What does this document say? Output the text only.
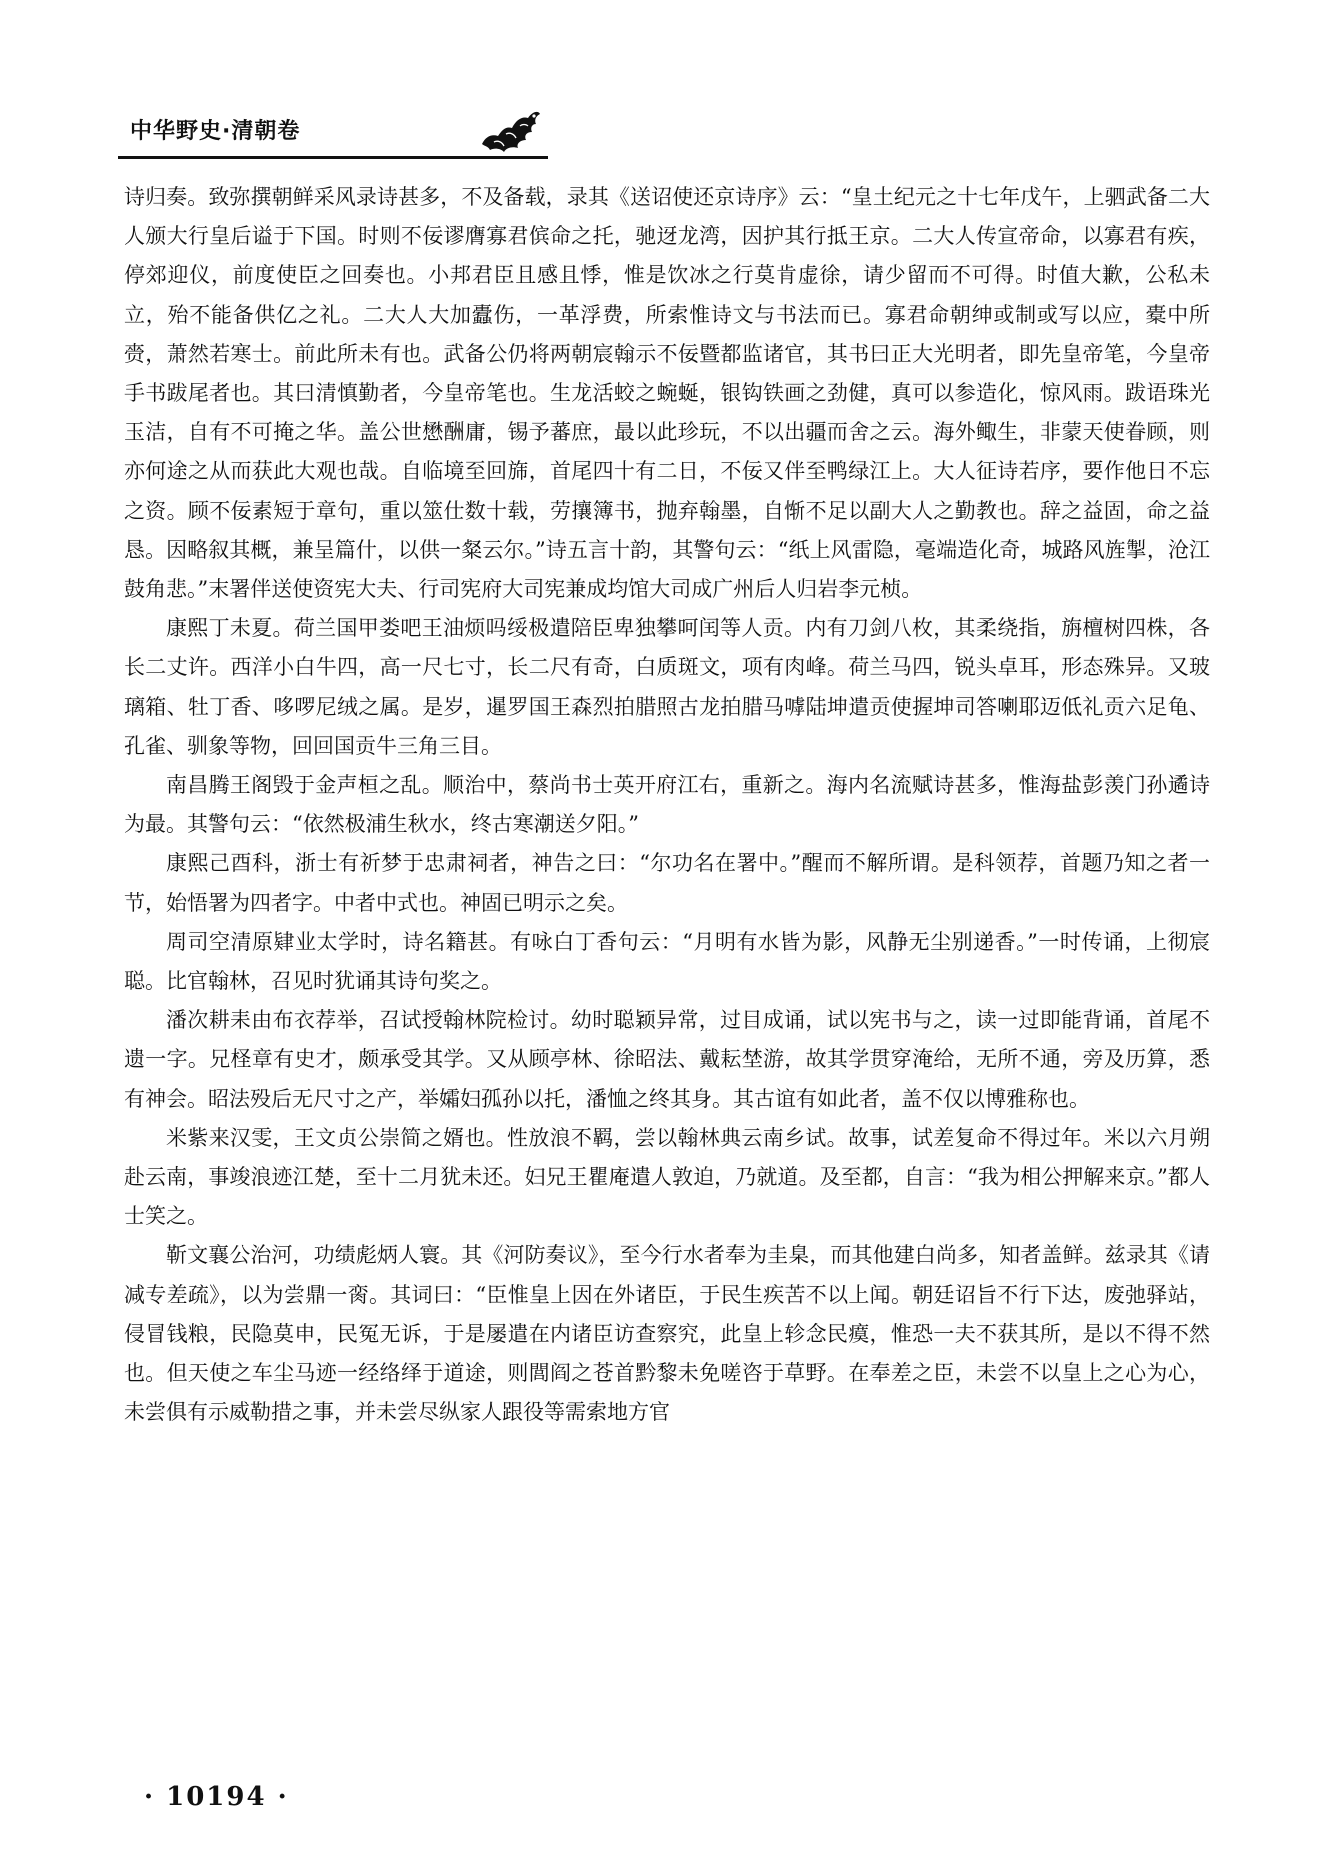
中华野史·清朝卷

诗归奏。致弥撰朝鲜采风录诗甚多，不及备载，录其《送诏使还京诗序》云：“皇土纪元之十七年戊午，上驷武备二大人颁大行皇后谥于下国。时则不佞谬膺寡君傧命之托，驰迓龙湾，因护其行抵王京。二大人传宣帝命，以寡君有疾，停郊迎仪，前度使臣之回奏也。小邦君臣且感且悸，惟是饮冰之行莫肯虚徐，请少留而不可得。时值大歉，公私未立，殆不能备供亿之礼。二大人大加蠹伤，一革浮费，所索惟诗文与书法而已。寡君命朝绅或制或写以应，橐中所赍，萧然若寒士。前此所未有也。武备公仍将两朝宸翰示不佞暨都监诸官，其书曰正大光明者，即先皇帝笔，今皇帝手书跋尾者也。其曰清慎勤者，今皇帝笔也。生龙活蛟之蜿蜒，银钩铁画之劲健，真可以参造化，惊风雨。跋语珠光玉洁，自有不可掩之华。盖公世懋酬庸，锡予蕃庶，最以此珍玩，不以出疆而舍之云。海外鲰生，非蒙天使眷顾，则亦何途之从而获此大观也哉。自临境至回旆，首尾四十有二日，不佞又伴至鸭绿江上。大人征诗若序，要作他日不忘之资。顾不佞素短于章句，重以筮仕数十载，劳攘簿书，抛弃翰墨，自惭不足以副大人之勤教也。辞之益固，命之益恳。因略叙其概，兼呈篇什，以供一粲云尔。”诗五言十韵，其警句云：“纸上风雷隐，毫端造化奇，城路风旌掣，沧江鼓角悲。”末署伴送使资宪大夫、行司宪府大司宪兼成均馆大司成广州后人归岩李元桢。

康熙丁未夏。荷兰国甲娄吧王油烦吗绥极遣陪臣卑独攀呵闰等人贡。内有刀剑八枚，其柔绕指，旃檀树四株，各长二丈许。西洋小白牛四，高一尺七寸，长二尺有奇，白质斑文，项有肉峰。荷兰马四，锐头卓耳，形态殊异。又玻璃箱、牡丁香、哆啰尼绒之属。是岁，暹罗国王森烈拍腊照古龙拍腊马嘑陆坤遣贡使握坤司答喇耶迈低礼贡六足龟、孔雀、驯象等物，回回国贡牛三角三目。

南昌腾王阁毁于金声桓之乱。顺治中，蔡尚书士英开府江右，重新之。海内名流赋诗甚多，惟海盐彭羡门孙遹诗为最。其警句云：“依然极浦生秋水，终古寒潮送夕阳。”

康熙己酉科，浙士有祈梦于忠肃祠者，神告之曰：“尔功名在署中。”醒而不解所谓。是科领荐，首题乃知之者一节，始悟署为四者字。中者中式也。神固已明示之矣。

周司空清原肄业太学时，诗名籍甚。有咏白丁香句云：“月明有水皆为影，风静无尘别递香。”一时传诵，上彻宸聪。比官翰林，召见时犹诵其诗句奖之。

潘次耕耒由布衣荐举，召试授翰林院检讨。幼时聪颖异常，过目成诵，试以宪书与之，读一过即能背诵，首尾不遗一字。兄柽章有史才，颇承受其学。又从顾亭林、徐昭法、戴耘埜游，故其学贯穿淹给，无所不通，旁及历算，悉有神会。昭法殁后无尺寸之产，举孀妇孤孙以托，潘恤之终其身。其古谊有如此者，盖不仅以博雅称也。

米紫来汉雯，王文贞公崇简之婿也。性放浪不羁，尝以翰林典云南乡试。故事，试差复命不得过年。米以六月朔赴云南，事竣浪迹江楚，至十二月犹未还。妇兄王瞿庵遣人敦迫，乃就道。及至都，自言：“我为相公押解来京。”都人士笑之。

靳文襄公治河，功绩彪炳人寰。其《河防奏议》，至今行水者奉为圭臬，而其他建白尚多，知者盖鲜。兹录其《请减专差疏》，以为尝鼎一脔。其词曰：“臣惟皇上因在外诸臣，于民生疾苦不以上闻。朝廷诏旨不行下达，废弛驿站，侵冒钱粮，民隐莫申，民冤无诉，于是屡遣在内诸臣访查察究，此皇上轸念民瘼，惟恐一夫不获其所，是以不得不然也。但天使之车尘马迹一经络绎于道途，则閭阎之苍首黔黎未免嗟咨于草野。在奉差之臣，未尝不以皇上之心为心，未尝俱有示威勒措之事，并未尝尽纵家人跟役等需索地方官

· 10194 ·
